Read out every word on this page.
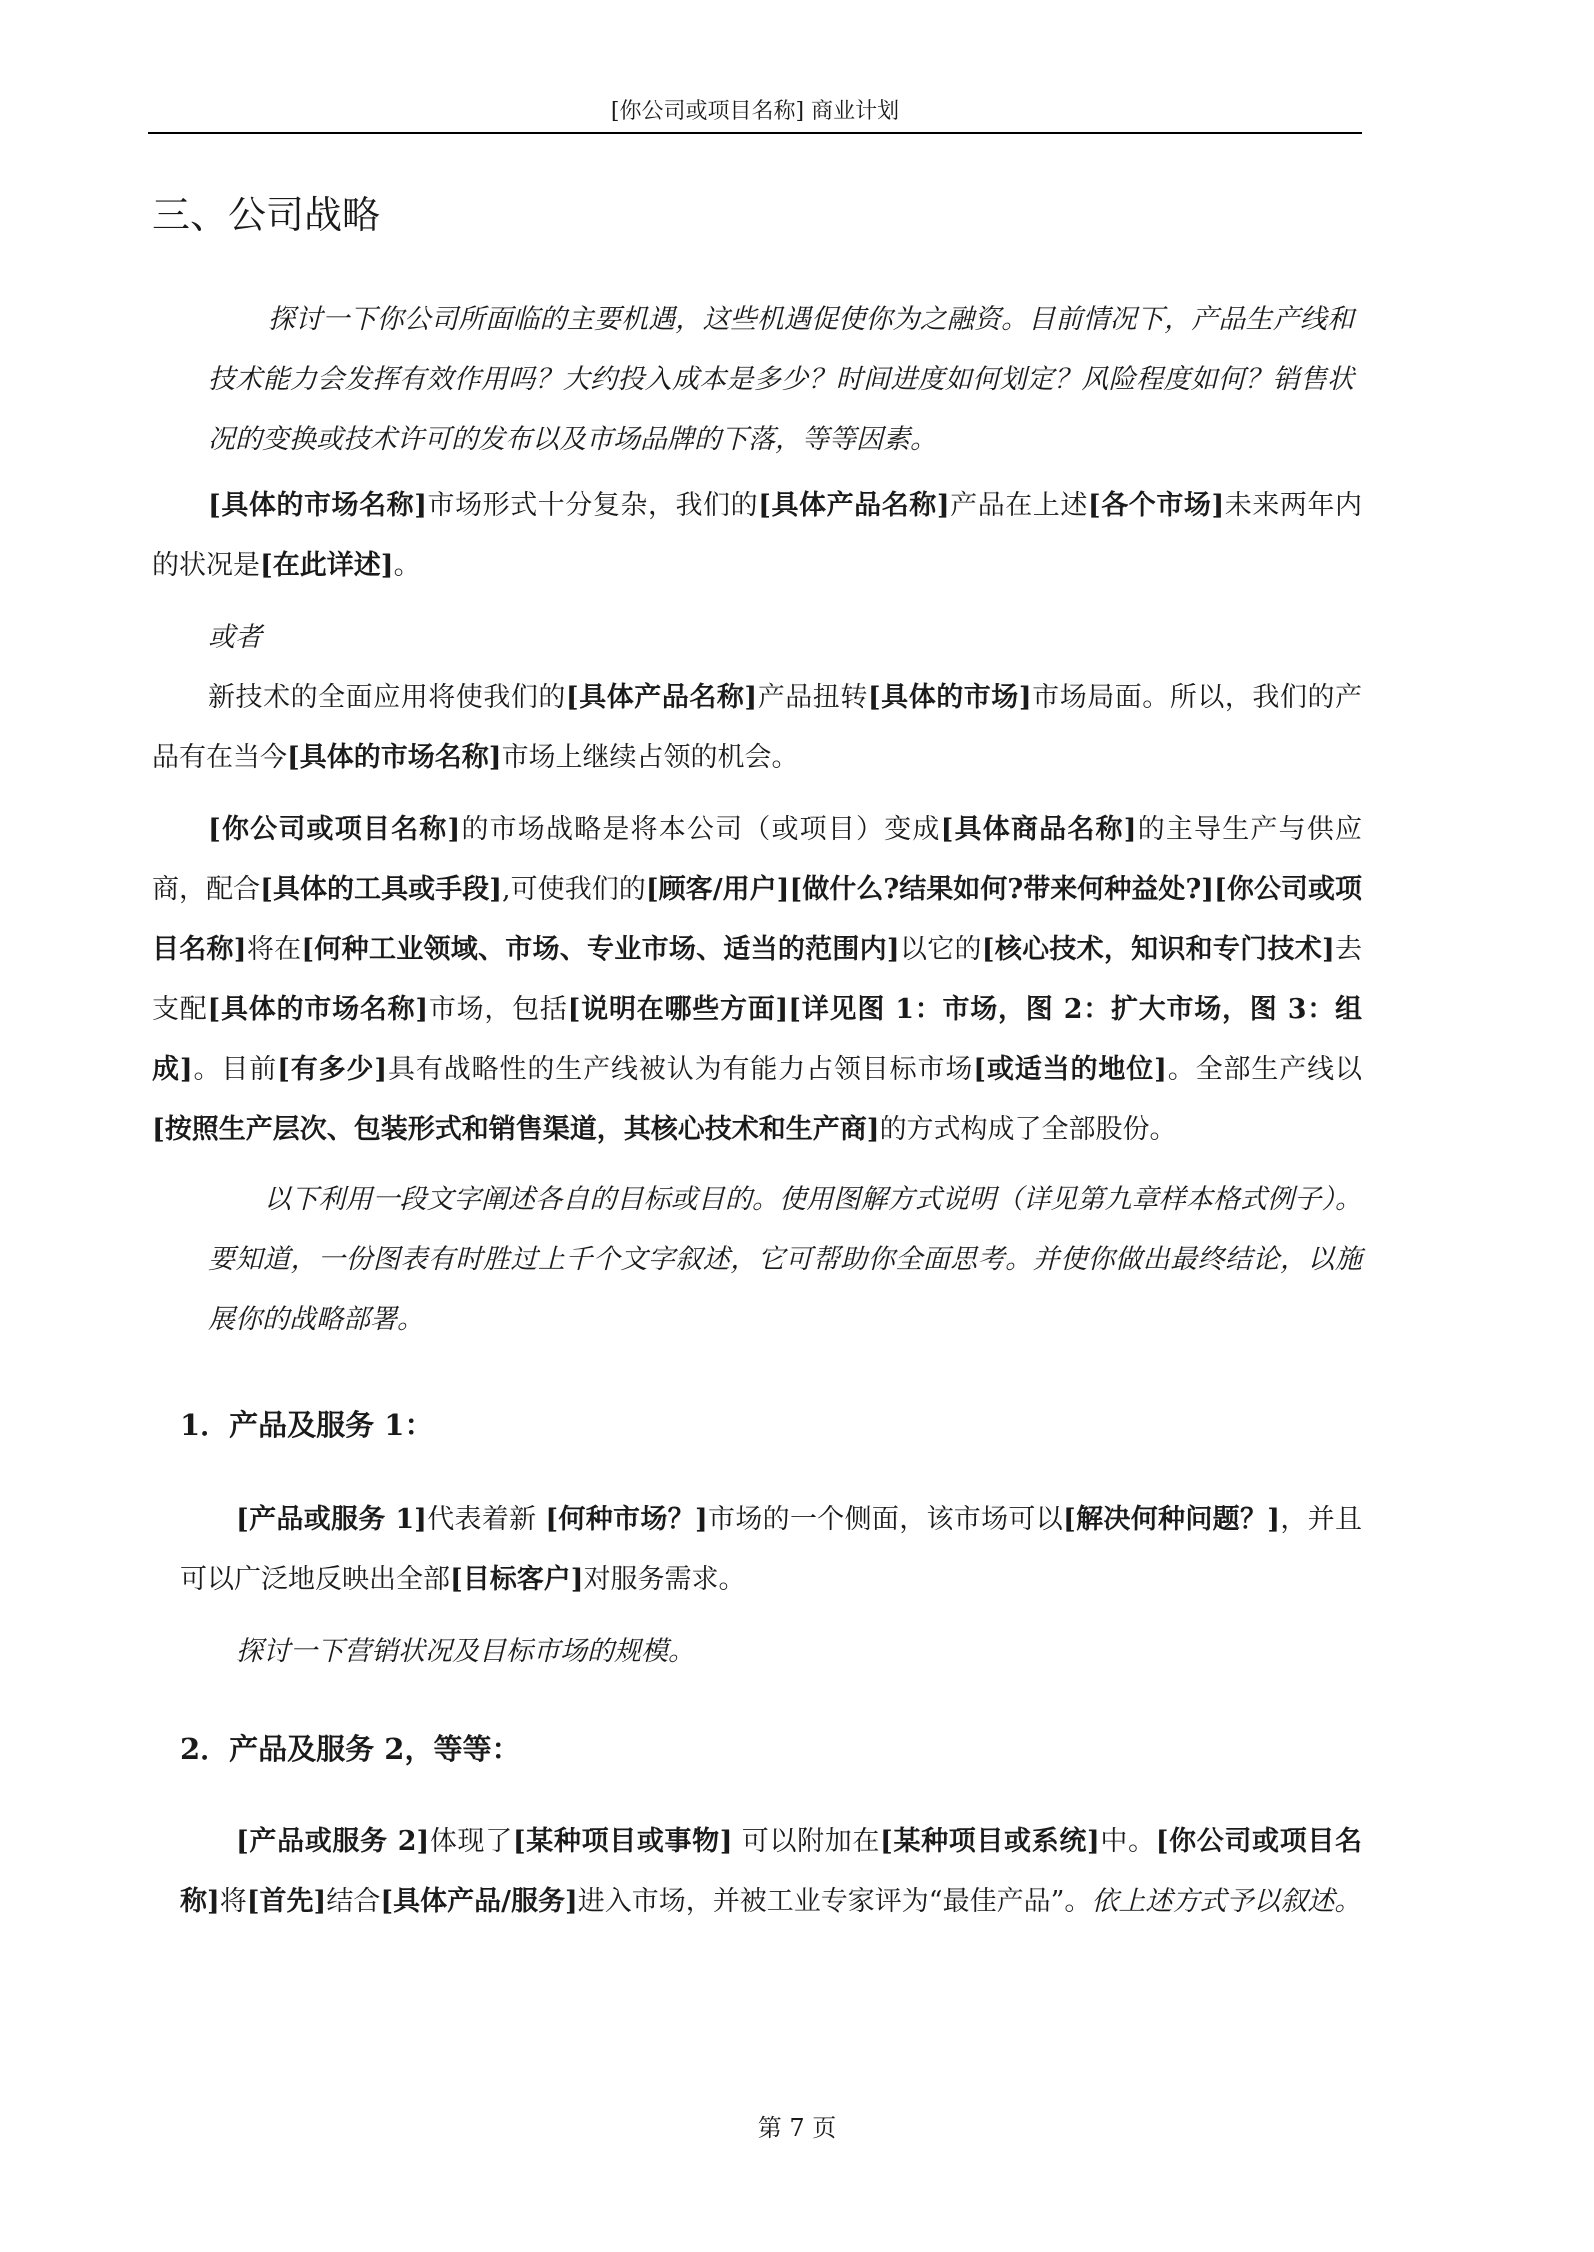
[你公司或项目名称] 商业计划
三、公司战略

探讨一下你公司所面临的主要机遇，这些机遇促使你为之融资。目前情况下，产品生产线和技术能力会发挥有效作用吗？大约投入成本是多少？时间进度如何划定？风险程度如何？销售状况的变换或技术许可的发布以及市场品牌的下落，等等因素。

[具体的市场名称]市场形式十分复杂，我们的[具体产品名称]产品在上述[各个市场]未来两年内的状况是[在此详述]。

或者

新技术的全面应用将使我们的[具体产品名称]产品扭转[具体的市场]市场局面。所以，我们的产品有在当今[具体的市场名称]市场上继续占领的机会。

[你公司或项目名称]的市场战略是将本公司（或项目）变成[具体商品名称]的主导生产与供应商，配合[具体的工具或手段],可使我们的[顾客/用户][做什么?结果如何?带来何种益处?][你公司或项目名称]将在[何种工业领域、市场、专业市场、适当的范围内]以它的[核心技术，知识和专门技术]去支配[具体的市场名称]市场，包括[说明在哪些方面][详见图 1：市场，图 2：扩大市场，图 3：组成]。目前[有多少]具有战略性的生产线被认为有能力占领目标市场[或适当的地位]。全部生产线以[按照生产层次、包装形式和销售渠道，其核心技术和生产商]的方式构成了全部股份。

以下利用一段文字阐述各自的目标或目的。使用图解方式说明（详见第九章样本格式例子）。要知道，一份图表有时胜过上千个文字叙述，它可帮助你全面思考。并使你做出最终结论，以施展你的战略部署。

1．产品及服务 1：

[产品或服务 1]代表着新 [何种市场？]市场的一个侧面，该市场可以[解决何种问题？]，并且可以广泛地反映出全部[目标客户]对服务需求。

探讨一下营销状况及目标市场的规模。

2．产品及服务 2，等等：

[产品或服务 2]体现了[某种项目或事物] 可以附加在[某种项目或系统]中。[你公司或项目名称]将[首先]结合[具体产品/服务]进入市场，并被工业专家评为“最佳产品”。依上述方式予以叙述。

第 7 页
